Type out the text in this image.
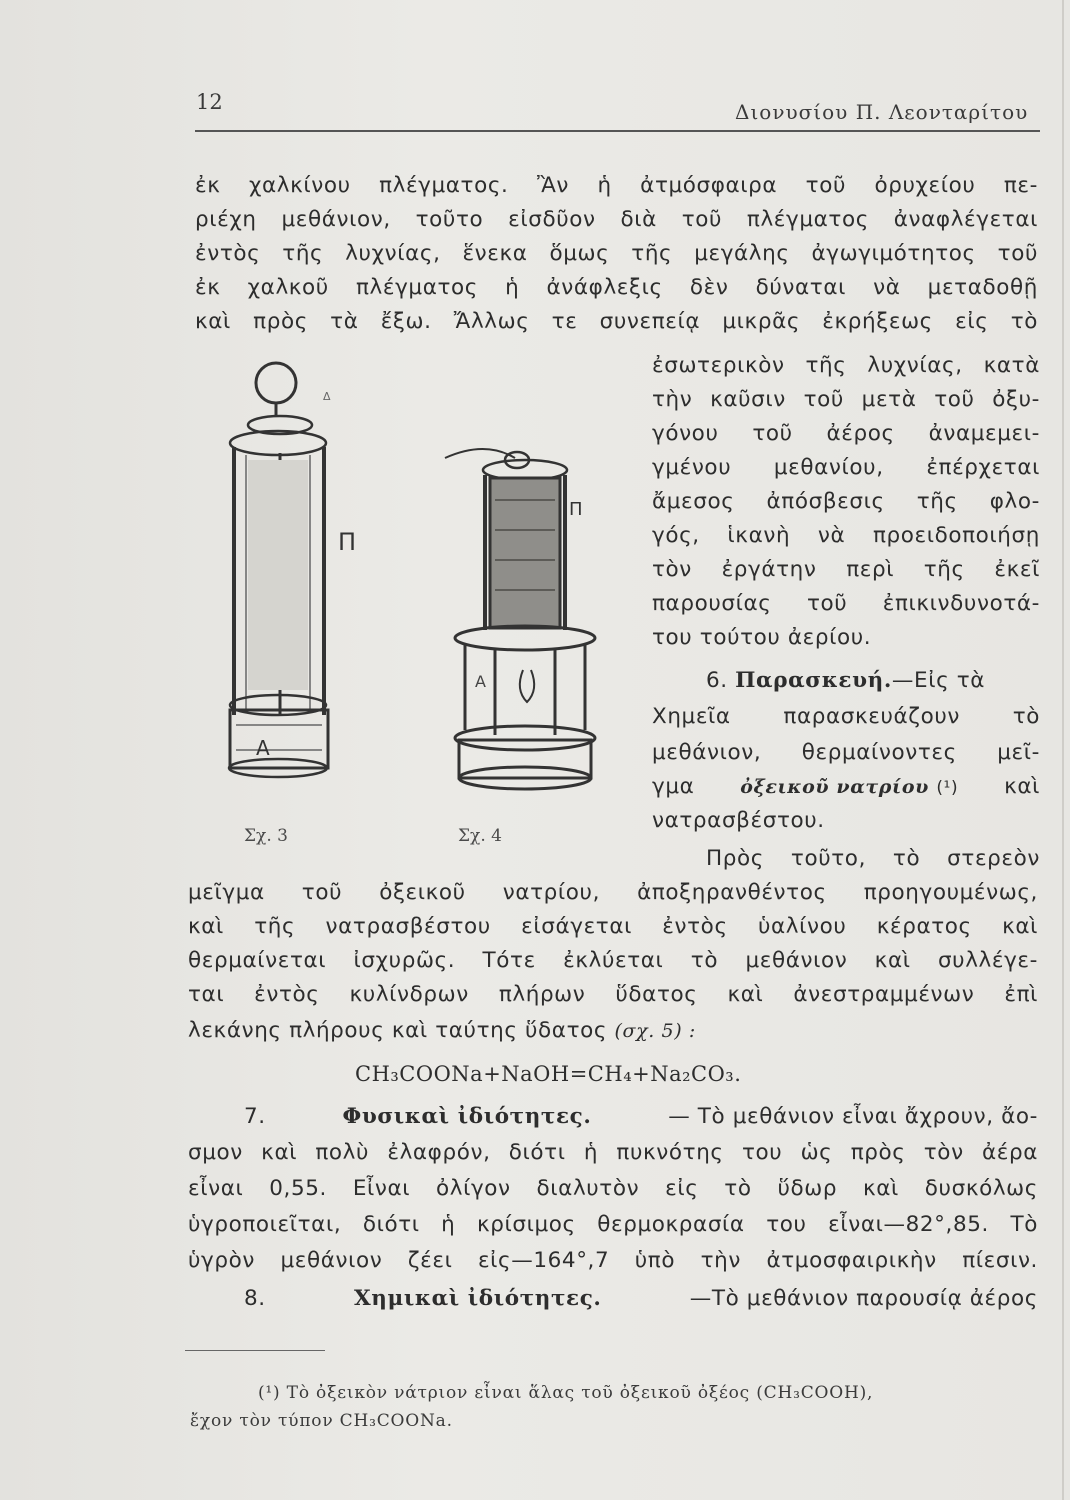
12	Διονυσίου Π. Λεονταρίτου
ἐκ χαλκίνου πλέγματος. Ἂν ἡ ἀτμόσφαιρα τοῦ ὀρυχείου πε-
ριέχη μεθάνιον, τοῦτο εἰσδῦον διὰ τοῦ πλέγματος ἀναφλέγεται
ἐντὸς τῆς λυχνίας, ἕνεκα ὅμως τῆς μεγάλης ἀγωγιμότητος τοῦ
ἐκ χαλκοῦ πλέγματος ἡ ἀνάφλεξις δὲν δύναται νὰ μεταδοθῇ
καὶ πρὸς τὰ ἔξω. Ἄλλως τε συνεπείᾳ μικρᾶς ἐκρήξεως εἰς τὸ
ἐσωτερικὸν τῆς λυχνίας, κατὰ
τὴν καῦσιν τοῦ μετὰ τοῦ ὀξυ-
γόνου τοῦ ἀέρος ἀναμεμει-
γμένου μεθανίου, ἐπέρχεται
ἄμεσος ἀπόσβεσις τῆς φλο-
γός, ἱκανὴ νὰ προειδοποιήσῃ
τὸν ἐργάτην περὶ τῆς ἐκεῖ
παρουσίας τοῦ ἐπικινδυνοτά-
του τούτου ἀερίου.
6. Παρασκευή.—Εἰς τὰ
Χημεῖα παρασκευάζουν τὸ
μεθάνιον, θερμαίνοντες μεῖ-
γμα ὀξεικοῦ νατρίου (¹) καὶ
νατρασβέστου.
Πρὸς τοῦτο, τὸ στερεὸν
μεῖγμα τοῦ ὀξεικοῦ νατρίου, ἀποξηρανθέντος προηγουμένως,
καὶ τῆς νατρασβέστου εἰσάγεται ἐντὸς ὑαλίνου κέρατος καὶ
θερμαίνεται ἰσχυρῶς. Τότε ἐκλύεται τὸ μεθάνιον καὶ συλλέγε-
ται ἐντὸς κυλίνδρων πλήρων ὕδατος καὶ ἀνεστραμμένων ἐπὶ
λεκάνης πλήρους καὶ ταύτης ὕδατος (σχ. 5) :
CH₃COONa+NaOH=CH₄+Na₂CO₃.
7.	Φυσικαὶ ἰδιότητες.	— Τὸ μεθάνιον εἶναι ἄχρουν, ἄο-
σμον καὶ πολὺ ἐλαφρόν, διότι ἡ πυκνότης του ὡς πρὸς τὸν ἀέρα
εἶναι 0,55. Εἶναι ὀλίγον διαλυτὸν εἰς τὸ ὕδωρ καὶ δυσκόλως
ὑγροποιεῖται, διότι ἡ κρίσιμος θερμοκρασία του εἶναι—82°,85. Τὸ
ὑγρὸν μεθάνιον ζέει εἰς—164°,7 ὑπὸ τὴν ἀτμοσφαιρικὴν πίεσιν.
8.	Χημικαὶ ἰδιότητες.	—Τὸ μεθάνιον παρουσίᾳ ἀέρος
(¹) Τὸ ὀξεικὸν νάτριον εἶναι ἅλας τοῦ ὀξεικοῦ ὀξέος (CH₃COOH),
ἔχον τὸν τύπον CH₃COONa.
Π
Α
Δ
Π
Α
Σχ. 3	Σχ. 4
